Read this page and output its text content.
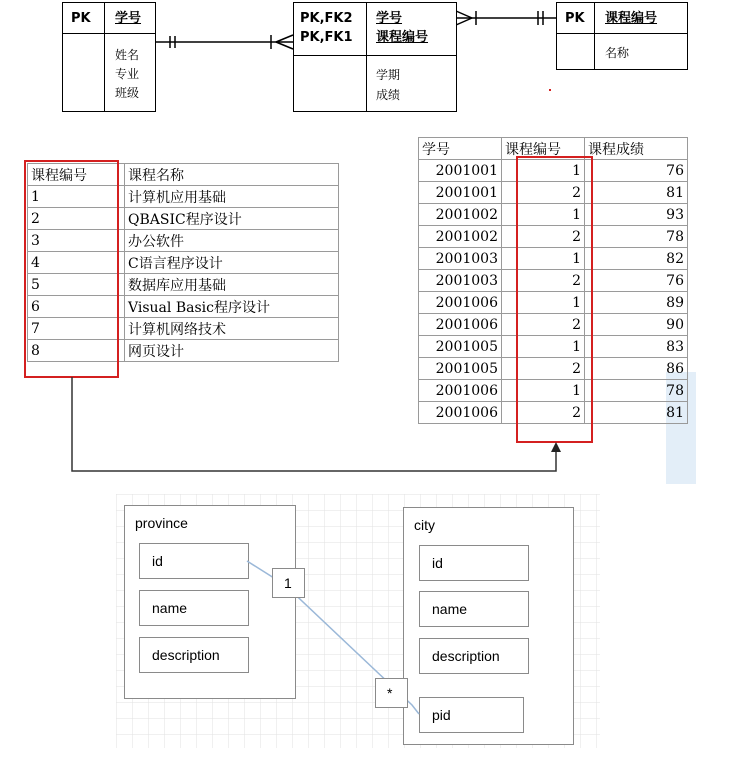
PK 学号
姓名
专业
班级
PK,FK2
PK,FK1
学号
课程编号
学期
成绩
PK 课程编号
名称
课程编号	课程名称
1	计算机应用基础
2	QBASIC程序设计
3	办公软件
4	C语言程序设计
5	数据库应用基础
6	Visual Basic程序设计
7	计算机网络技术
8	网页设计
学号	课程编号	课程成绩
2001001	1	76
2001001	2	81
2001002	1	93
2001002	2	78
2001003	1	82
2001003	2	76
2001006	1	89
2001006	2	90
2001005	1	83
2001005	2	86
2001006	1	78
2001006	2	81
province
id
name
description
city
id
name
description
pid
1
*
